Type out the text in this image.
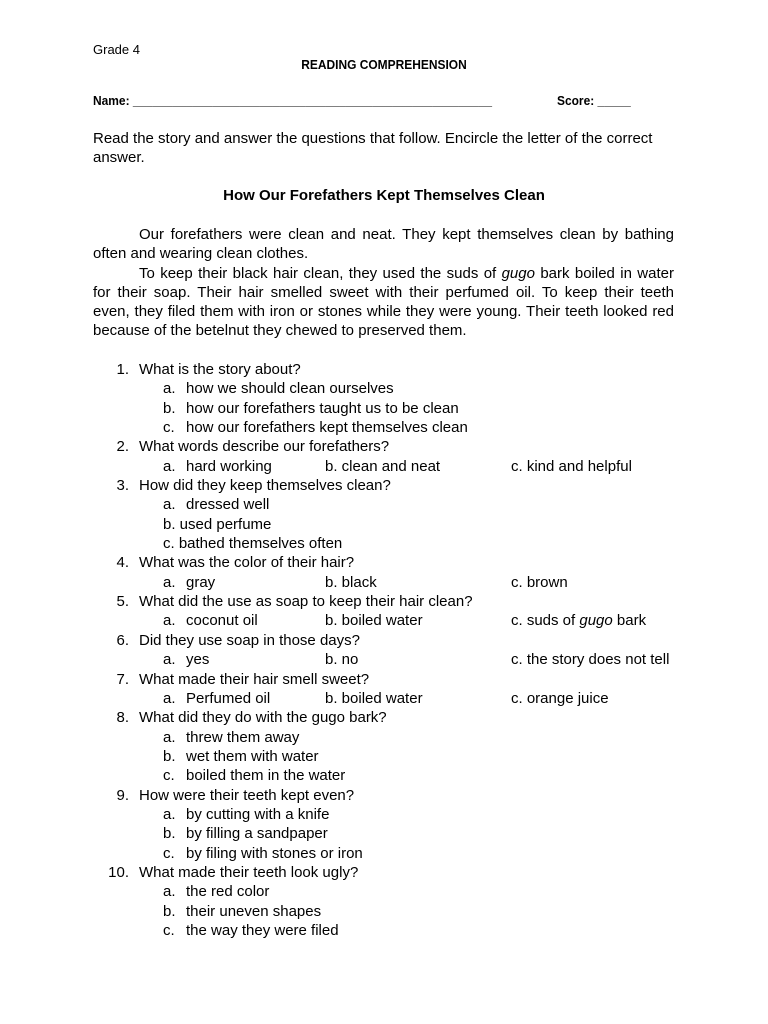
Grade 4
READING COMPREHENSION
Name: ______________________________________________________	Score: _____
Read the story and answer the questions that follow. Encircle the letter of the correct answer.
How Our Forefathers Kept Themselves Clean

Our forefathers were clean and neat. They kept themselves clean by bathing often and wearing clean clothes.

To keep their black hair clean, they used the suds of gugo bark boiled in water for their soap. Their hair smelled sweet with their perfumed oil. To keep their teeth even, they filed them with iron or stones while they were young. Their teeth looked red because of the betelnut they chewed to preserved them.

1. What is the story about?
a. how we should clean ourselves
b. how our forefathers taught us to be clean
c. how our forefathers kept themselves clean
2. What words describe our forefathers?
a. hard working	b. clean and neat	c. kind and helpful
3. How did they keep themselves clean?
a. dressed well
b. used perfume
c. bathed themselves often
4. What was the color of their hair?
a. gray	b. black	c. brown
5. What did the use as soap to keep their hair clean?
a. coconut oil	b. boiled water	c. suds of gugo bark
6. Did they use soap in those days?
a. yes	b. no	c. the story does not tell
7. What made their hair smell sweet?
a. Perfumed oil	b. boiled water	c. orange juice
8. What did they do with the gugo bark?
a. threw them away
b. wet them with water
c. boiled them in the water
9. How were their teeth kept even?
a. by cutting with a knife
b. by filling a sandpaper
c. by filing with stones or iron
10. What made their teeth look ugly?
a. the red color
b. their uneven shapes
c. the way they were filed
